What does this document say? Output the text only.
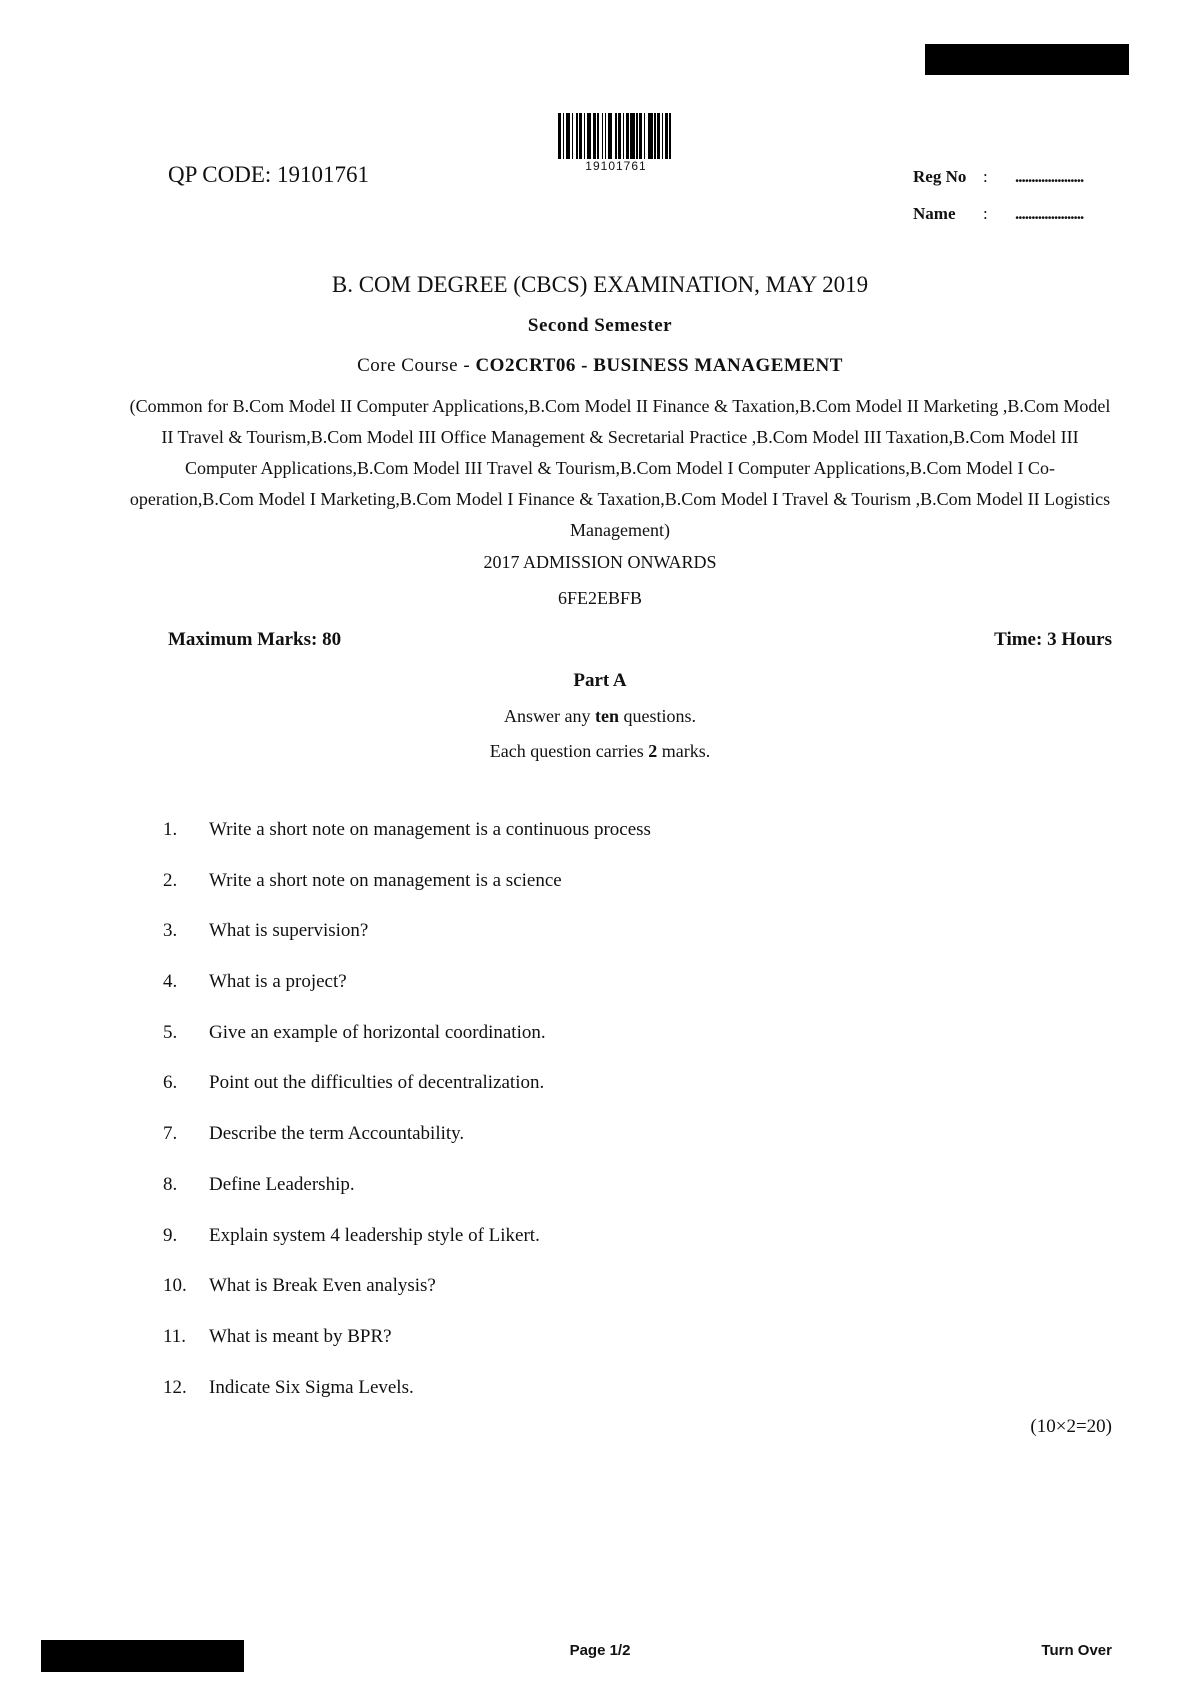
19101761
QP CODE: 19101761	Reg No :	.....................
Name	:	.....................
B. COM DEGREE (CBCS) EXAMINATION, MAY 2019
Second Semester
Core Course - CO2CRT06 - BUSINESS MANAGEMENT
(Common for B.Com Model II Computer Applications,B.Com Model II Finance & Taxation,B.Com Model II Marketing ,B.Com Model II Travel & Tourism,B.Com Model III Office Management & Secretarial Practice ,B.Com Model III Taxation,B.Com Model III Computer Applications,B.Com Model III Travel & Tourism,B.Com Model I Computer Applications,B.Com Model I Co-operation,B.Com Model I Marketing,B.Com Model I Finance & Taxation,B.Com Model I Travel & Tourism ,B.Com Model II Logistics Management)
2017 ADMISSION ONWARDS
6FE2EBFB
Maximum Marks: 80	Time: 3 Hours
Part A
Answer any ten questions.
Each question carries 2 marks.
1.	Write a short note on management is a continuous process
2.	Write a short note on management is a science
3.	What is supervision?
4.	What is a project?
5.	Give an example of horizontal coordination.
6.	Point out the difficulties of decentralization.
7.	Describe the term Accountability.
8.	Define Leadership.
9.	Explain system 4 leadership style of Likert.
10.	What is Break Even analysis?
11.	What is meant by BPR?
12.	Indicate Six Sigma Levels.
(10×2=20)
Page 1/2	Turn Over
